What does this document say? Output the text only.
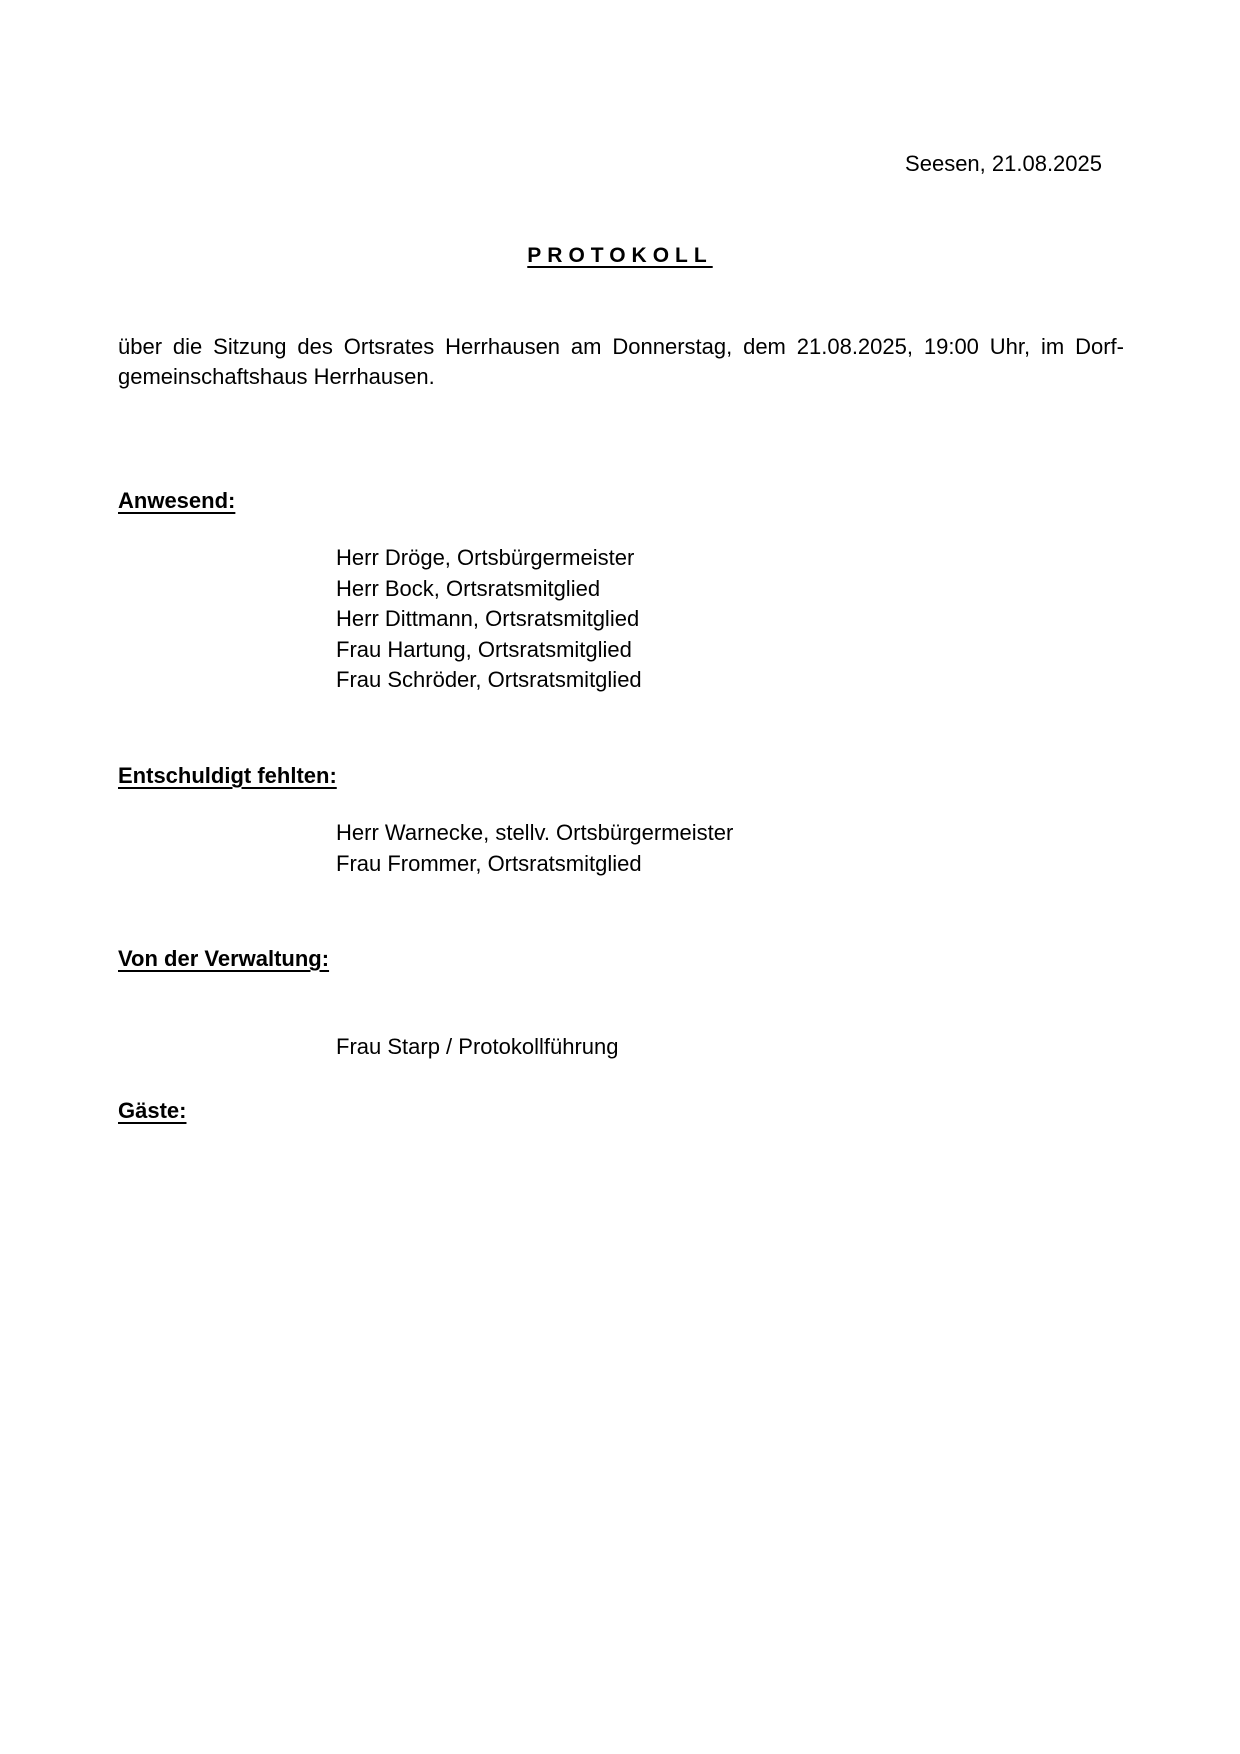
Seesen, 21.08.2025
PROTOKOLL
über die Sitzung des Ortsrates Herrhausen am Donnerstag, dem 21.08.2025, 19:00 Uhr, im Dorf-gemeinschaftshaus Herrhausen.
Anwesend:
Herr Dröge, Ortsbürgermeister
Herr Bock, Ortsratsmitglied
Herr Dittmann, Ortsratsmitglied
Frau Hartung, Ortsratsmitglied
Frau Schröder, Ortsratsmitglied
Entschuldigt fehlten:
Herr Warnecke, stellv. Ortsbürgermeister
Frau Frommer, Ortsratsmitglied
Von der Verwaltung:
Frau Starp / Protokollführung
Gäste:
